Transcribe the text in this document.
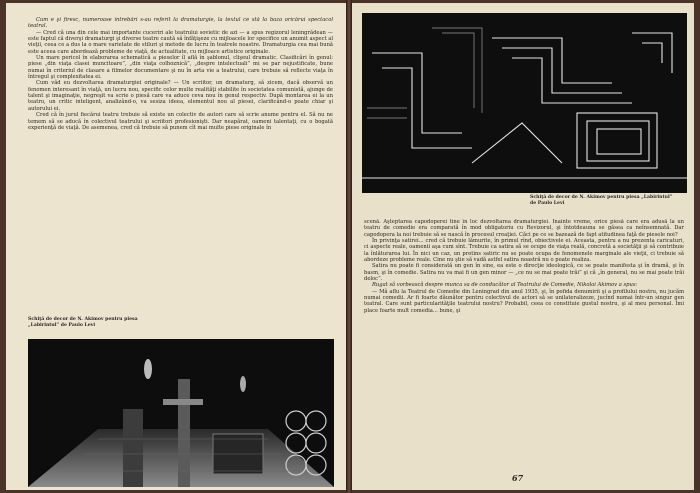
Cum e şi firesc, numeroase întrebări s-au referit la dramaturgie, la textul ce stă la baza oricărui spectacol teatral.

— Cred că una din cele mai importante cuceriri ale teatrului sovietic de azi — a spus regizorul leningrădean — este faptul că diverşi dramaturgi şi diverse teatre caută să înfăţişeze cu mijloacele lor specifice un anumit aspect al vieţii, ceea ce a dus la o mare varietate de stiluri şi metode de lucru în teatrele noastre. Dramaturgia cea mai bună este aceea care abordează probleme de viaţă, de actualitate, cu mijloace artistice originale.

Un mare pericol în elaborarea schematică a pieselor îl află în şablonul, clişeul dramatic. Clasificări în genul: piese „din viaţa clasei muncitoare”, „din viaţa colhoznică”, „despre intelectuali” mi se par nejustificate, bune numai în criteriul de clasare a filmelor documentare şi nu în arta vie a teatrului, care trebuie să reflecte viaţa în întregul şi complexitatea ei.

Cum văd eu dezvoltarea dramaturgiei originale? — Un scriitor, un dramaturg, să zicem, dacă observă un fenomen interesant în viaţă, un lucru nou, specific celor multe realităţi stabilite în societatea comunistă, ajunge de talent şi imaginaţie, negreşit va scrie o piesă care va aduce ceva nou în genul respectiv. După montarea ei la un teatru, un critic inteligent, analizând-o, va sesiza ideea, elementul nou al piesei, clarificând-o poate chiar şi autorului ei.

Cred că în jurul fiecărui teatru trebuie să existe un colectiv de autori care să scrie anume pentru el. Să nu ne temem să se aducă în colectivul teatrului şi scriitori profesionişti. Dar neapărat, oameni talentaţi, cu o bogată experienţă de viaţă. De asemenea, cred că trebuie să punem cît mai multe piese originale în

Schiţă de decor de N. Akimov pentru piesa „Labirintul” de Paulo Levi
Schiţă de decor de N. Akimov pentru piesa „Labirintul” de Paulo Levi

scenă. Aşteptarea capodoperei tine în loc dezvoltarea dramaturgiei. Înainte vreme, orice piesă care era adusă la un teatru de comedie era comparată în mod obligatoriu cu Revizorul, şi întotdeauna se găsea ca neînsemnată. Dar capodopera la noi trebuie să se nască în procesul creaţiei. Căci pe ce se bazează de fapt atitudinea faţă de piesele noi?

În privinţa satirei... cred că trebuie lămurite, în primul rînd, obiectivele ei. Aceasta, pentru a nu prezenta caricaturi, ci aspecte reale, oamenii aşa cum sînt. Trebuie ca satira să se ocupe de viaţa reală, concretă a societăţii şi să contribuie la înlăturarea lui. În nici un caz, un pretins satiric nu se poate ocupa de fenomenele marginale ale vieţii, ci trebuie să abordeze probleme reale. Cine nu ştie să vadă astfel satira noastră nu o poate realiza.

Satira nu poate fi considerată un gen în sine, ea este o direcţie ideologică, ce se poate manifesta şi în dramă, şi în basm, şi în comedie. Satira nu va mai fi un gen minor — „ce nu se mai poate trăi” şi că „în general, nu se mai poate trăi deloc”.

Rugat să vorbească despre munca sa de conducător al Teatrului de Comedie, Nikolai Akimov a spus:

— Mă aflu la Teatrul de Comedie din Leningrad din anul 1935, şi, în pofida denumirii şi a profilului nostru, nu jucăm numai comedii. Ar fi foarte dăunător pentru colectivul de actori să se unilateralizeze, jucînd numai într-un singur gen teatral. Care sunt particularităţile teatrului nostru? Probabil, ceea ce constituie gustul nostru, şi al meu personal. Îmi place foarte mult comedia... bune, şi

67
